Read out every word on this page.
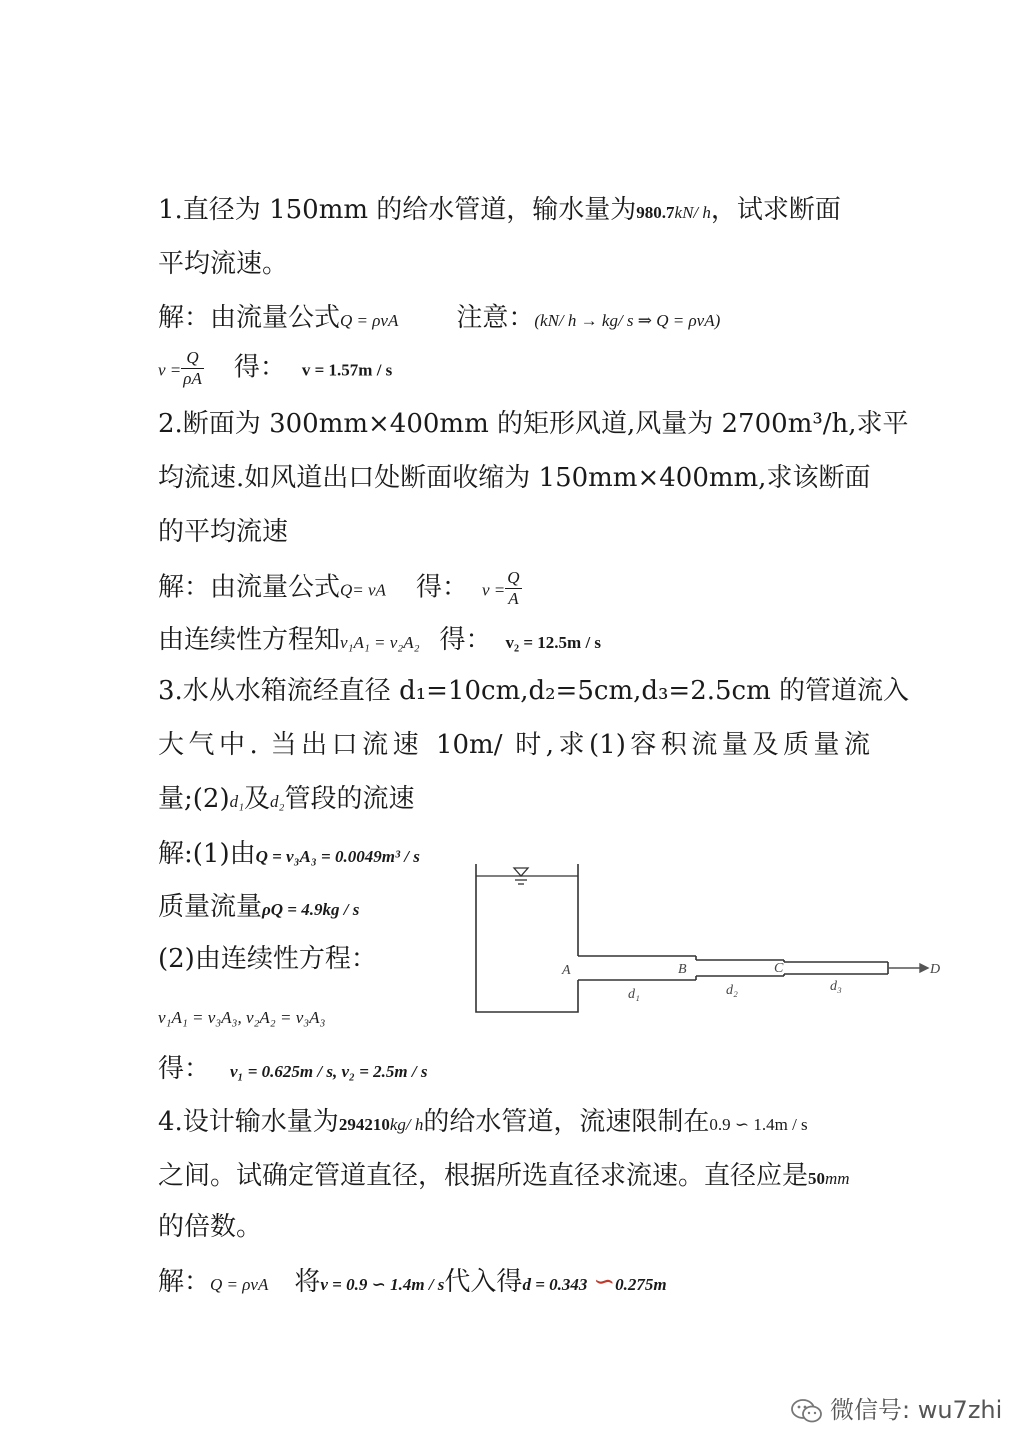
1.直径为 150mm 的给水管道，输水量为980.7kN/ h，试求断面
平均流速。
解：由流量公式Q = ρvA 注意：(kN/ h → kg/ s ⇒ Q = ρvA)
$v = \frac{Q}{\rho A}$ 得： v = 1.57m / s
2.断面为 300mm×400mm 的矩形风道,风量为 2700m³/h,求平
均流速.如风道出口处断面收缩为 150mm×400mm,求该断面
的平均流速
解：由流量公式Q= vA 得： $v = \frac{Q}{A}$
由连续性方程知v₁A₁ = v₂A₂ 得： v₂ = 12.5m / s
3.水从水箱流经直径 d₁=10cm,d₂=5cm,d₃=2.5cm 的管道流入
大气中. 当出口流速 10m/ 时,求(1)容积流量及质量流
量;(2)d₁及d₂管段的流速
解:(1)由Q = v₃A₃ = 0.0049m³ / s
质量流量ρQ = 4.9kg / s
(2)由连续性方程：
v₁A₁ = v₃A₃, v₂A₂ = v₃A₃
得： v₁ = 0.625m / s, v₂ = 2.5m / s
A	B	C	D
d₁	d₂	d₃
4.设计输水量为294210kg/ h的给水管道，流速限制在0.9 ∽ 1.4m / s
之间。试确定管道直径，根据所选直径求流速。直径应是50mm
的倍数。
解：Q = ρvA 将v = 0.9 ∽ 1.4m / s代入得d = 0.343 ∽0.275m
微信号: wu7zhi
